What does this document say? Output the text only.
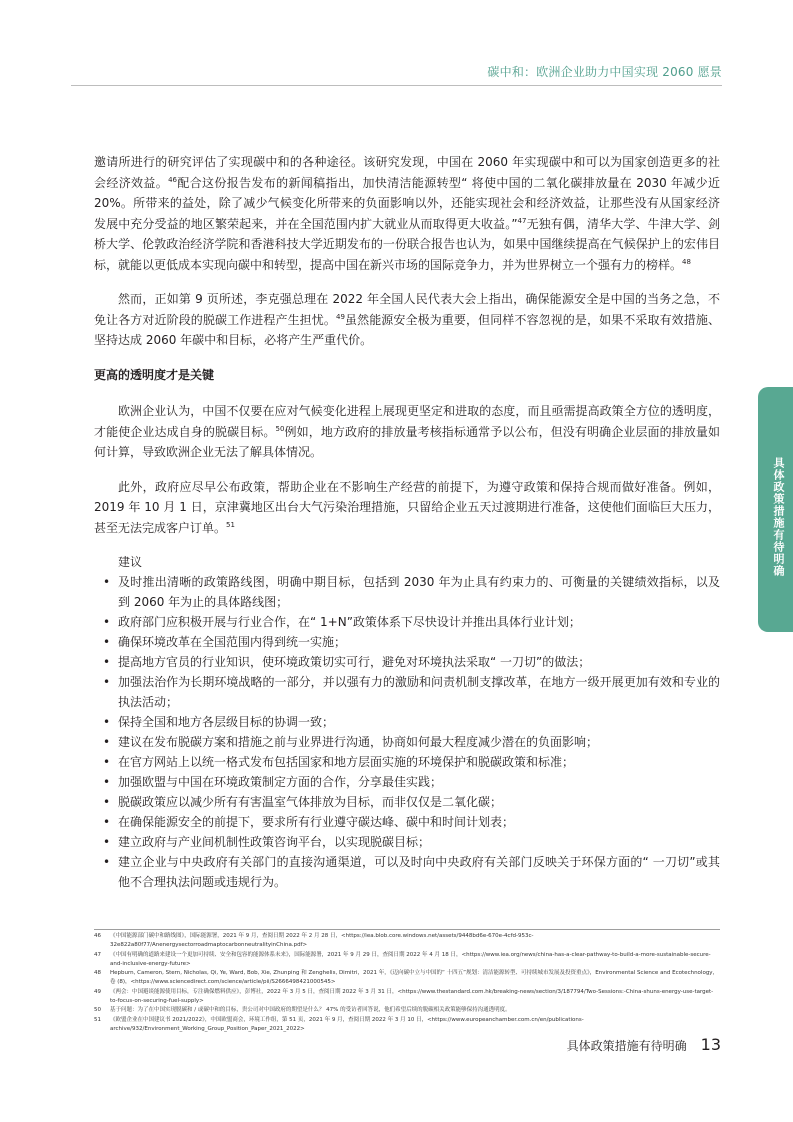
碳中和：欧洲企业助力中国实现 2060 愿景

邀请所进行的研究评估了实现碳中和的各种途径。该研究发现，中国在 2060 年实现碳中和可以为国家创造更多的社会经济效益。$^{46}$配合这份报告发布的新闻稿指出，加快清洁能源转型“ 将使中国的二氧化碳排放量在 2030 年减少近 20%。所带来的益处，除了减少气候变化所带来的负面影响以外，还能实现社会和经济效益，让那些没有从国家经济发展中充分受益的地区繁荣起来，并在全国范围内扩大就业从而取得更大收益。”$^{47}$无独有偶，清华大学、牛津大学、剑桥大学、伦敦政治经济学院和香港科技大学近期发布的一份联合报告也认为，如果中国继续提高在气候保护上的宏伟目标，就能以更低成本实现向碳中和转型，提高中国在新兴市场的国际竞争力，并为世界树立一个强有力的榜样。$^{48}$

然而，正如第 9 页所述，李克强总理在 2022 年全国人民代表大会上指出，确保能源安全是中国的当务之急，不免让各方对近阶段的脱碳工作进程产生担忧。$^{49}$虽然能源安全极为重要，但同样不容忽视的是，如果不采取有效措施、坚持达成 2060 年碳中和目标，必将产生严重代价。

更高的透明度才是关键

欧洲企业认为，中国不仅要在应对气候变化进程上展现更坚定和进取的态度，而且亟需提高政策全方位的透明度，才能使企业达成自身的脱碳目标。$^{50}$例如，地方政府的排放量考核指标通常予以公布，但没有明确企业层面的排放量如何计算，导致欧洲企业无法了解具体情况。

此外，政府应尽早公布政策，帮助企业在不影响生产经营的前提下，为遵守政策和保持合规而做好准备。例如，2019 年 10 月 1 日，京津冀地区出台大气污染治理措施，只留给企业五天过渡期进行准备，这使他们面临巨大压力，甚至无法完成客户订单。$^{51}$

建议
• 及时推出清晰的政策路线图，明确中期目标，包括到 2030 年为止具有约束力的、可衡量的关键绩效指标，以及到 2060 年为止的具体路线图；
• 政府部门应积极开展与行业合作，在“ 1+N”政策体系下尽快设计并推出具体行业计划；
• 确保环境改革在全国范围内得到统一实施；
• 提高地方官员的行业知识，使环境政策切实可行，避免对环境执法采取“ 一刀切”的做法；
• 加强法治作为长期环境战略的一部分，并以强有力的激励和问责机制支撑改革，在地方一级开展更加有效和专业的执法活动；
• 保持全国和地方各层级目标的协调一致；
• 建议在发布脱碳方案和措施之前与业界进行沟通，协商如何最大程度减少潜在的负面影响；
• 在官方网站上以统一格式发布包括国家和地方层面实施的环境保护和脱碳政策和标准；
• 加强欧盟与中国在环境政策制定方面的合作，分享最佳实践；
• 脱碳政策应以减少所有有害温室气体排放为目标，而非仅仅是二氧化碳；
• 在确保能源安全的前提下，要求所有行业遵守碳达峰、碳中和时间计划表；
• 建立政府与产业间机制性政策咨询平台，以实现脱碳目标；
• 建立企业与中央政府有关部门的直接沟通渠道，可以及时向中央政府有关部门反映关于环保方面的“ 一刀切”或其他不合理执法问题或违规行为。
具体政策措施有待明确
46	《中国能源部门碳中和路线图》，国际能源署，2021 年 9 月，查阅日期 2022 年 2 月 28 日，<https://iea.blob.core.windows.net/assets/9448bd6e-670e-4cfd-953c-32e822a80f77/AnenergysectorroadmaptocarbonneutralityinChina.pdf>
47	《中国有明确的道路来建设一个更加可持续、安全和包容的能源体系未来》，国际能源署，2021 年 9 月 29 日，查阅日期 2022 年 4 月 18 日，<https://www.iea.org/news/china-has-a-clear-pathway-to-build-a-more-sustainable-secure-and-inclusive-energy-future>
48	Hepburn, Cameron, Stern, Nicholas, Qi, Ye, Ward, Bob, Xie, Zhunping 和 Zenghelis, Dimitri，2021 年，《迈向碳中立与中国的“ 十四五”规划：清洁能源转型、可持续城市发展及投资重点》，Environmental Science and Ecotechnology，卷 (8)，<https://www.sciencedirect.com/science/article/pii/S2666498421000545>
49	《两会：中国避谈能源使用目标，专注确保燃料供应》，彭博社，2022 年 3 月 5 日，查阅日期 2022 年 3 月 31 日，<https://www.thestandard.com.hk/breaking-news/section/3/187794/Two-Sessions:-China-shuns-energy-use-target-to-focus-on-securing-fuel-supply>
50	基于问题：为了在中国实现脱碳和 / 或碳中和的目标，贵公司对中国政府的期望是什么？ 47% 的受访者回答说，他们希望后续的脱碳相关政策能够保持沟通透明度。
51	《欧盟企业在中国建议书 2021/2022》，中国欧盟商会，环境工作组，第 51 页，2021 年 9 月，查阅日期 2022 年 3 月 10 日，<https://www.europeanchamber.com.cn/en/publications-archive/932/Environment_Working_Group_Position_Paper_2021_2022>
具体政策措施有待明确 13
